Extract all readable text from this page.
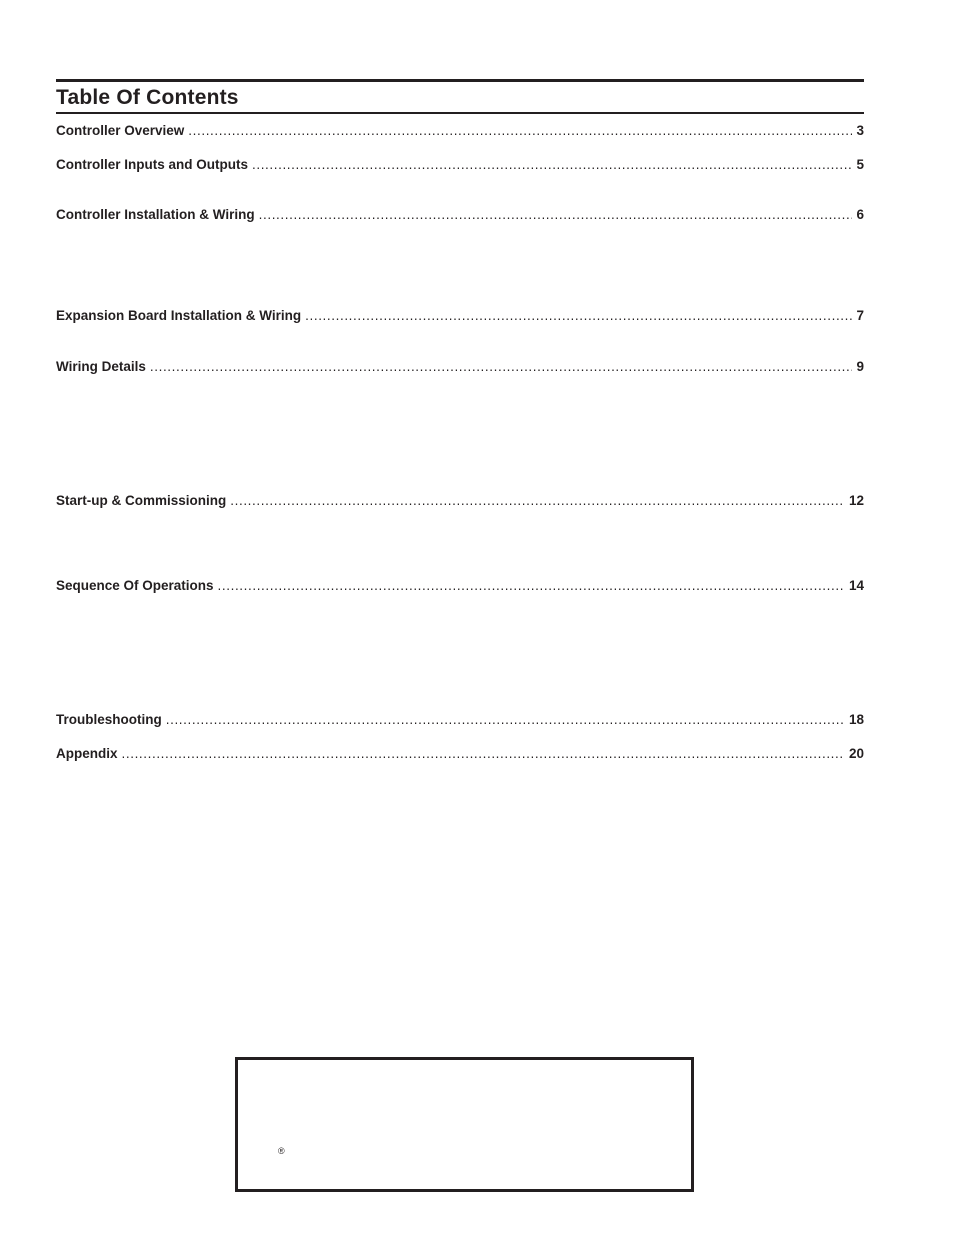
Table Of Contents
Controller Overview .....	3
Controller Inputs and Outputs .....	5
Controller Installation & Wiring .....	6
Expansion Board Installation & Wiring .....	7
Wiring Details .....	9
Start-up & Commissioning .....	12
Sequence Of Operations .....	14
Troubleshooting .....	18
Appendix .....	20
®
